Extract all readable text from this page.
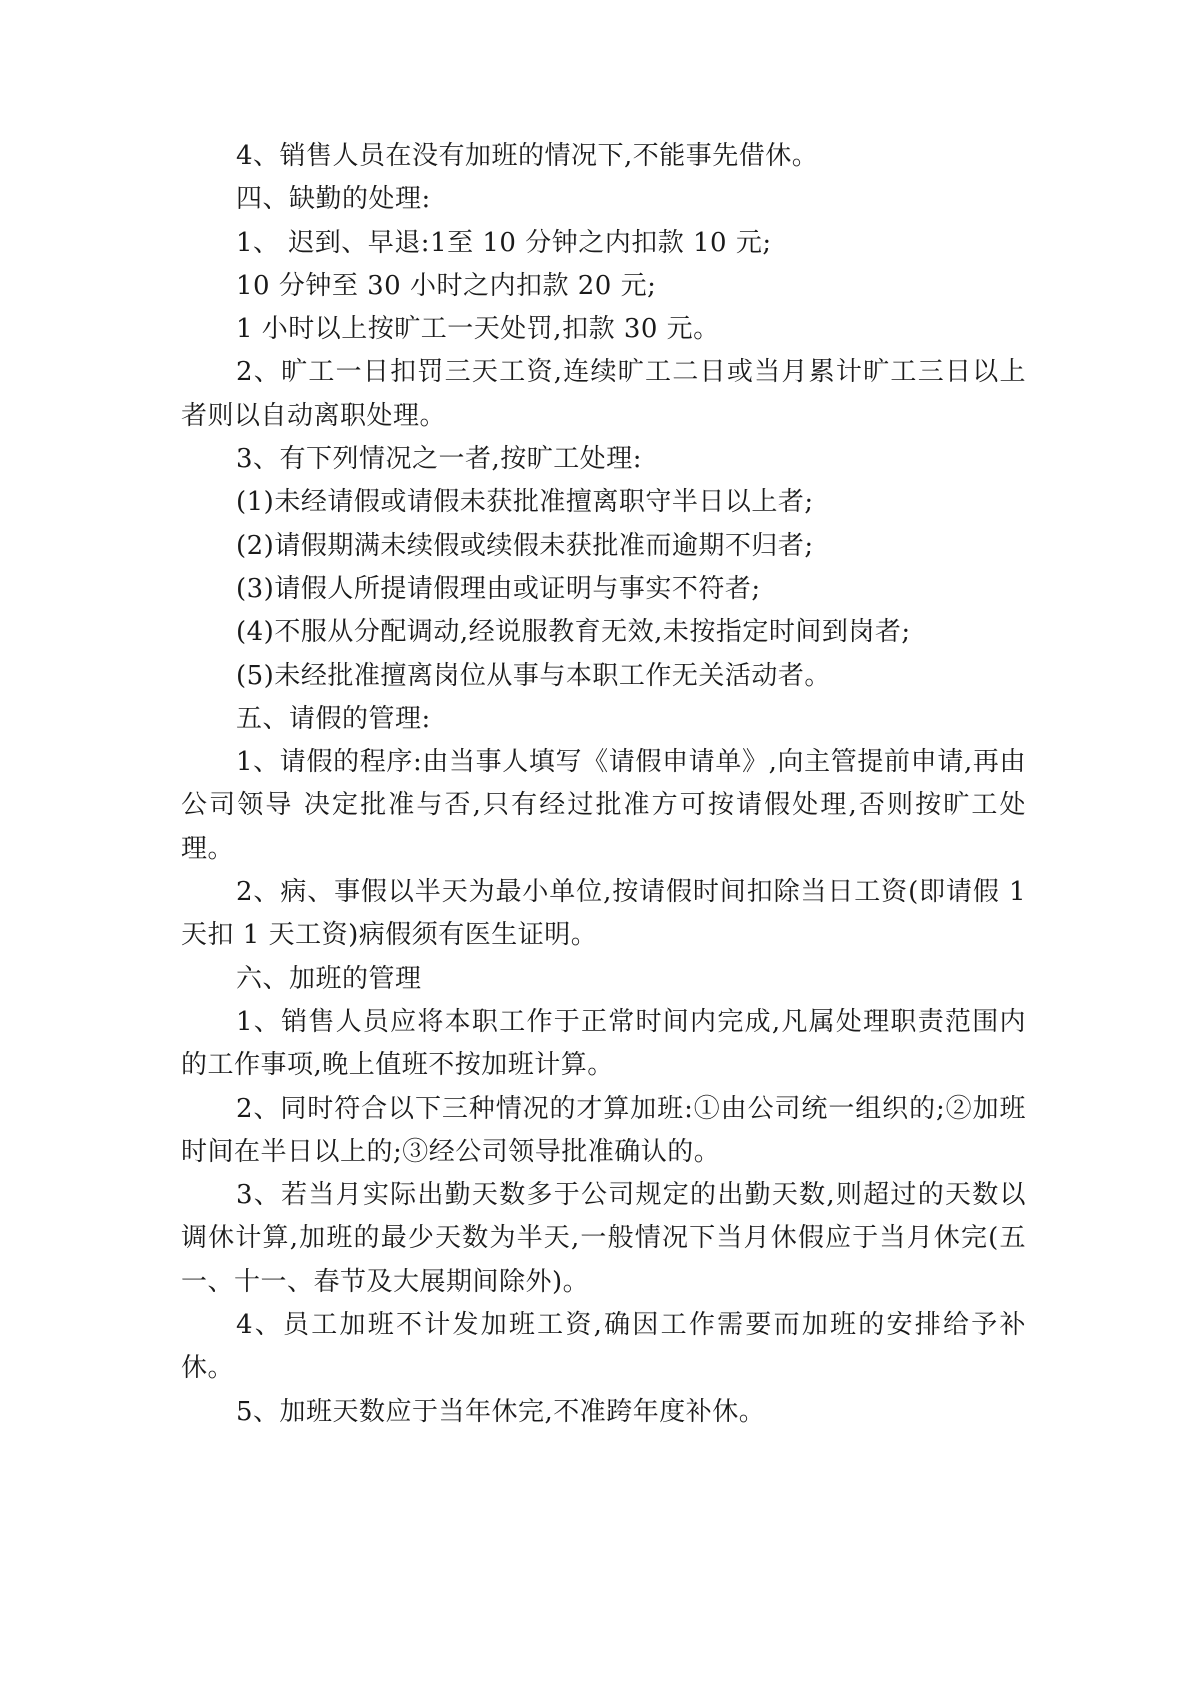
4、销售人员在没有加班的情况下,不能事先借休。

四、缺勤的处理:

1、 迟到、早退:1至 10 分钟之内扣款 10 元;

10 分钟至 30 小时之内扣款 20 元;

1 小时以上按旷工一天处罚,扣款 30 元。

2、旷工一日扣罚三天工资,连续旷工二日或当月累计旷工三日以上者则以自动离职处理。

3、有下列情况之一者,按旷工处理:

(1)未经请假或请假未获批准擅离职守半日以上者;

(2)请假期满未续假或续假未获批准而逾期不归者;

(3)请假人所提请假理由或证明与事实不符者;

(4)不服从分配调动,经说服教育无效,未按指定时间到岗者;

(5)未经批准擅离岗位从事与本职工作无关活动者。

五、请假的管理:

1、请假的程序:由当事人填写《请假申请单》,向主管提前申请,再由公司领导 决定批准与否,只有经过批准方可按请假处理,否则按旷工处理。

2、病、事假以半天为最小单位,按请假时间扣除当日工资(即请假 1 天扣 1 天工资)病假须有医生证明。

六、加班的管理

1、销售人员应将本职工作于正常时间内完成,凡属处理职责范围内的工作事项,晚上值班不按加班计算。

2、同时符合以下三种情况的才算加班:①由公司统一组织的;②加班时间在半日以上的;③经公司领导批准确认的。

3、若当月实际出勤天数多于公司规定的出勤天数,则超过的天数以调休计算,加班的最少天数为半天,一般情况下当月休假应于当月休完(五一、十一、春节及大展期间除外)。

4、员工加班不计发加班工资,确因工作需要而加班的安排给予补休。

5、加班天数应于当年休完,不准跨年度补休。
